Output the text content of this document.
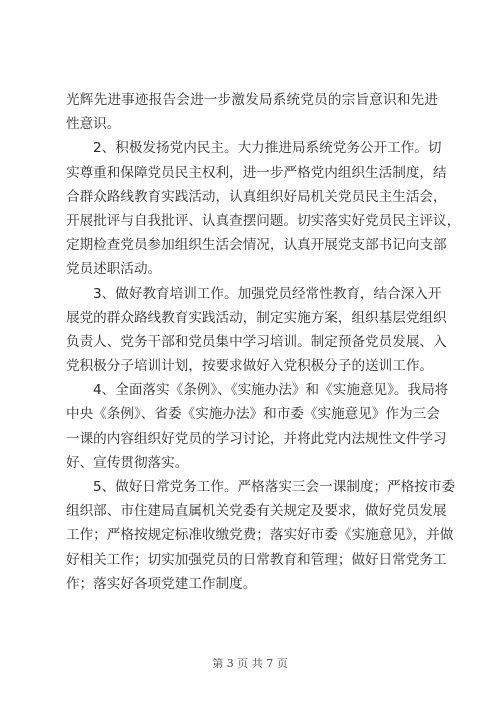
光辉先进事迹报告会进一步激发局系统党员的宗旨意识和先进
性意识。
2、积极发扬党内民主。大力推进局系统党务公开工作。切
实尊重和保障党员民主权利，进一步严格党内组织生活制度，结
合群众路线教育实践活动，认真组织好局机关党员民主生活会，
开展批评与自我批评、认真查摆问题。切实落实好党员民主评议，
定期检查党员参加组织生活会情况，认真开展党支部书记向支部
党员述职活动。
3、做好教育培训工作。加强党员经常性教育，结合深入开
展党的群众路线教育实践活动，制定实施方案，组织基层党组织
负责人、党务干部和党员集中学习培训。制定预备党员发展、入
党积极分子培训计划，按要求做好入党积极分子的送训工作。
4、全面落实《条例》、《实施办法》和《实施意见》。我局将
中央《条例》、省委《实施办法》和市委《实施意见》作为三会
一课的内容组织好党员的学习讨论，并将此党内法规性文件学习
好、宣传贯彻落实。
5、做好日常党务工作。严格落实三会一课制度；严格按市委
组织部、市住建局直属机关党委有关规定及要求，做好党员发展
工作；严格按规定标准收缴党费；落实好市委《实施意见》，并做
好相关工作；切实加强党员的日常教育和管理；做好日常党务工
作；落实好各项党建工作制度。
第 3 页 共 7 页
